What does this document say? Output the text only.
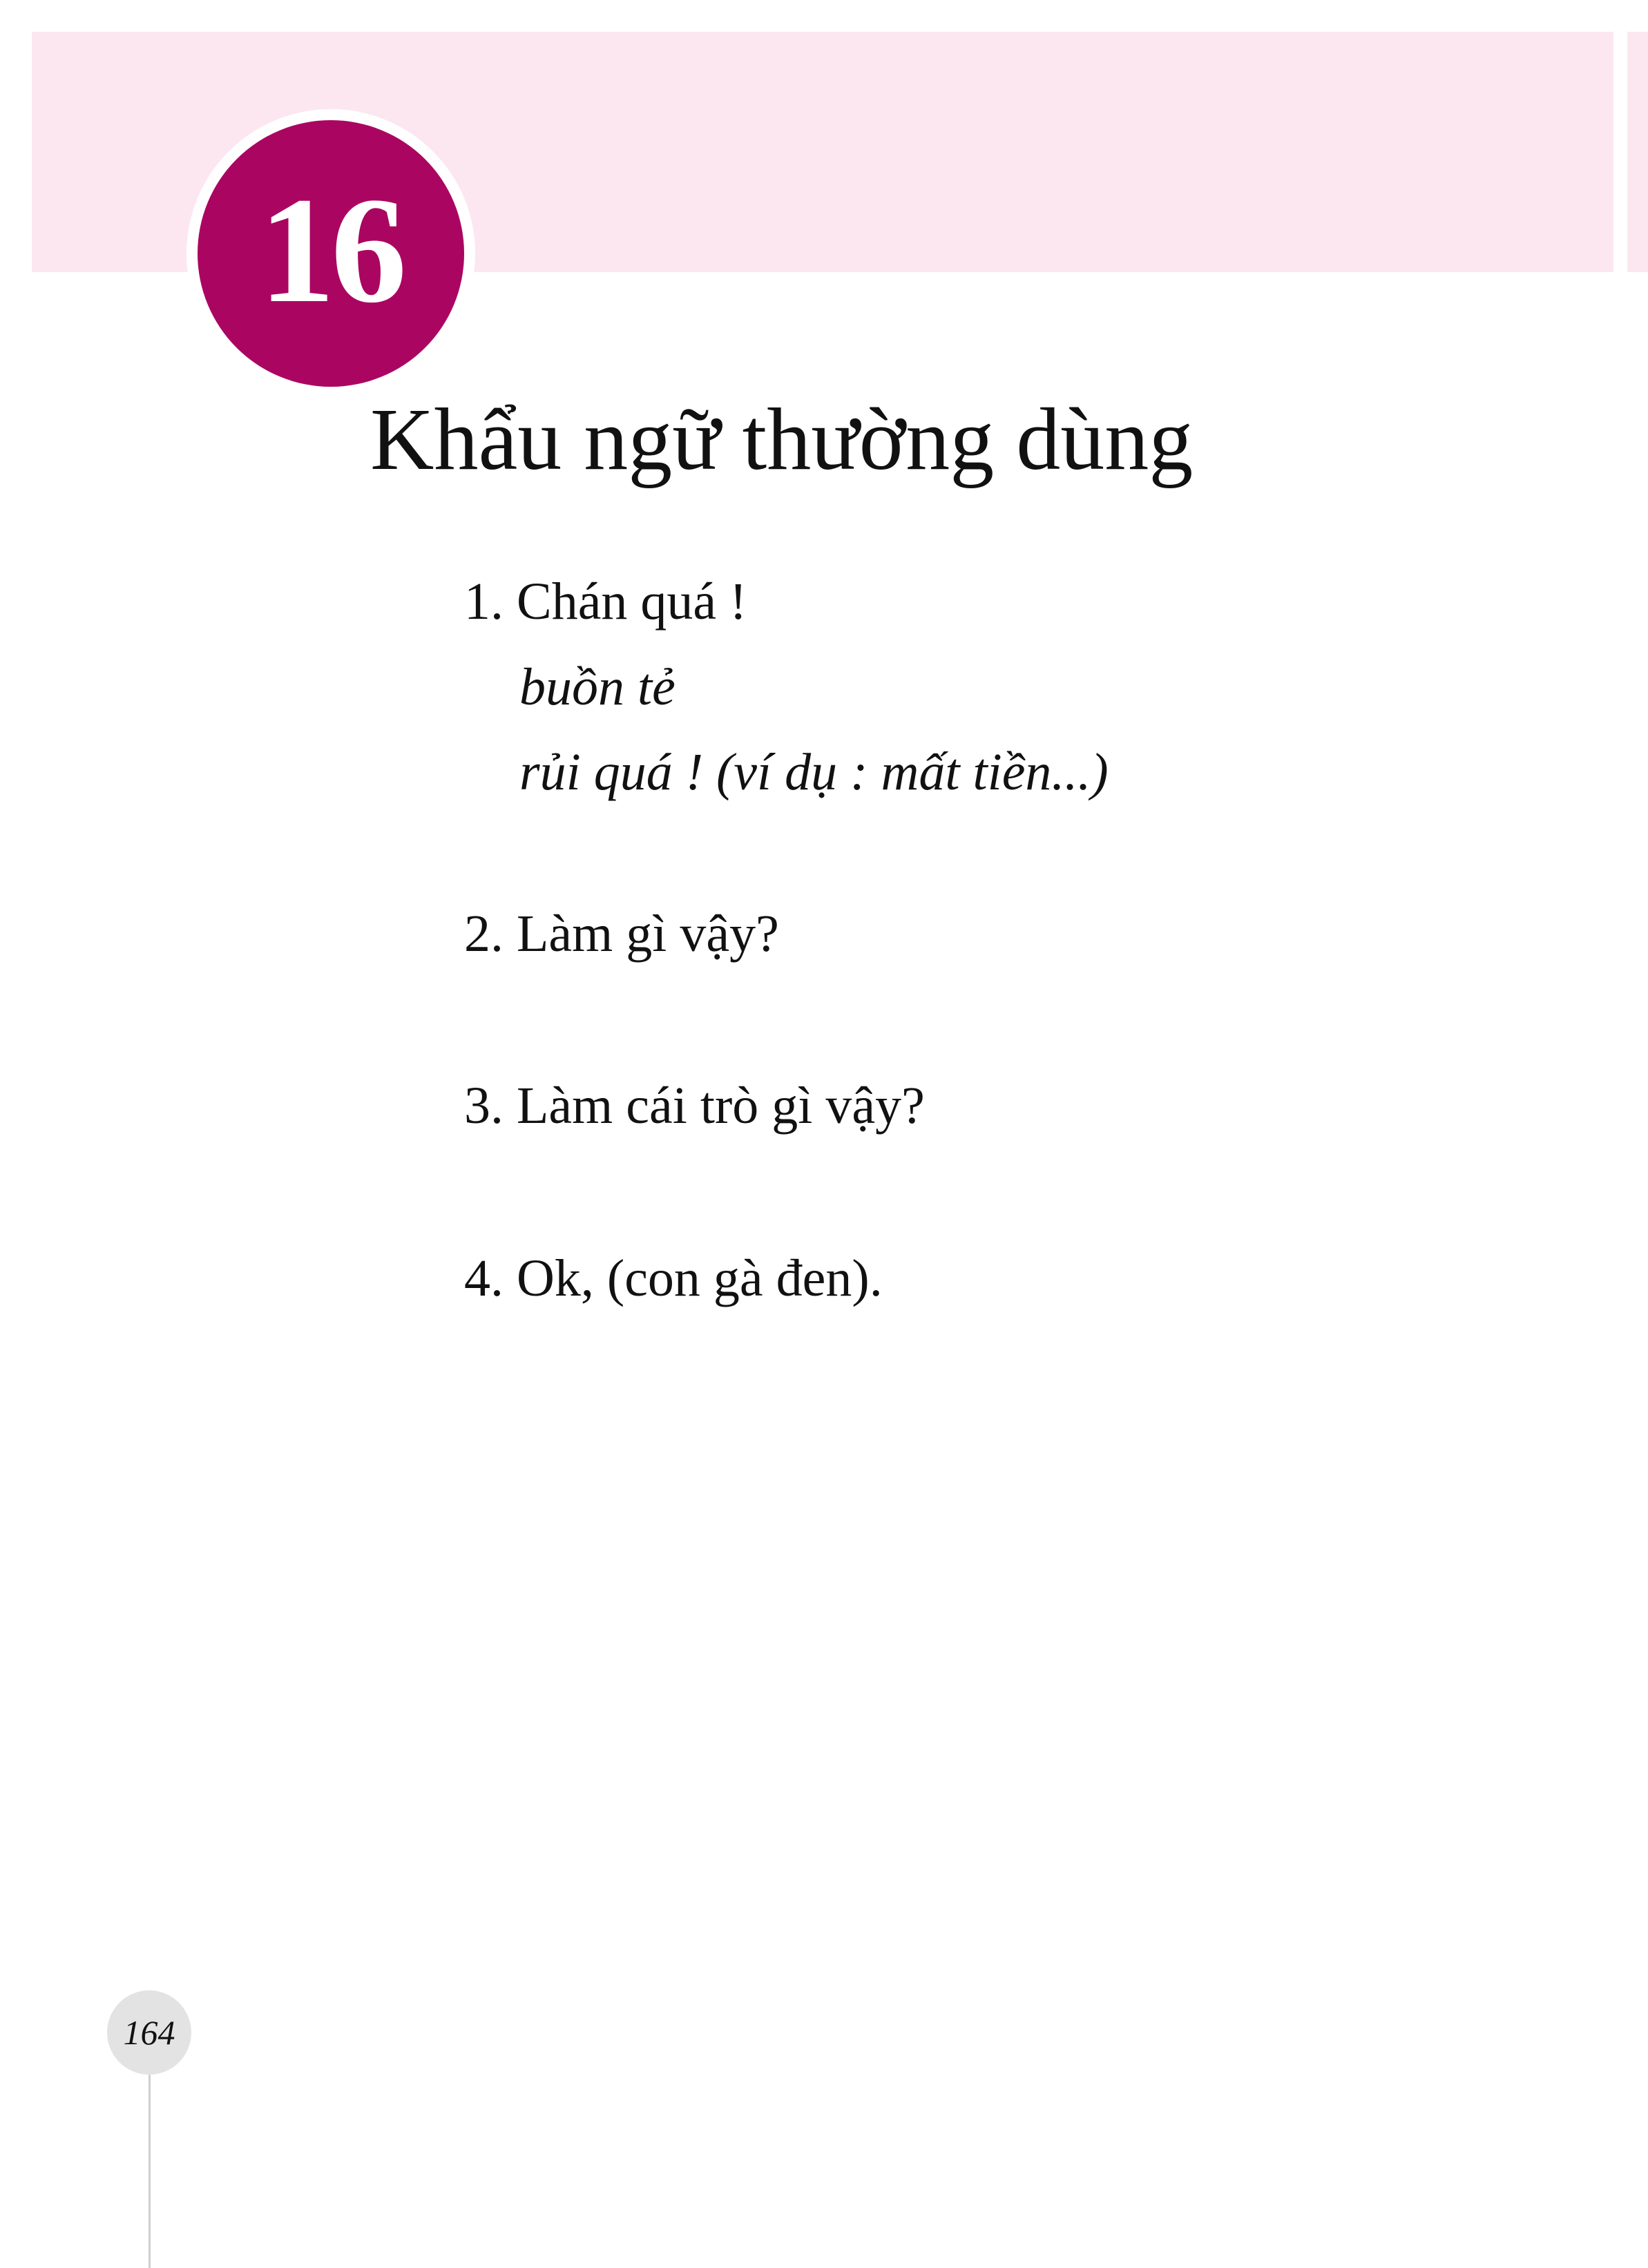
16
Khẩu ngữ thường dùng
1. Chán quá !
buồn tẻ
rủi quá ! (ví dụ : mất tiền...)
2. Làm gì vậy?
3. Làm cái trò gì vậy?
4. Ok, (con gà đen).
164
